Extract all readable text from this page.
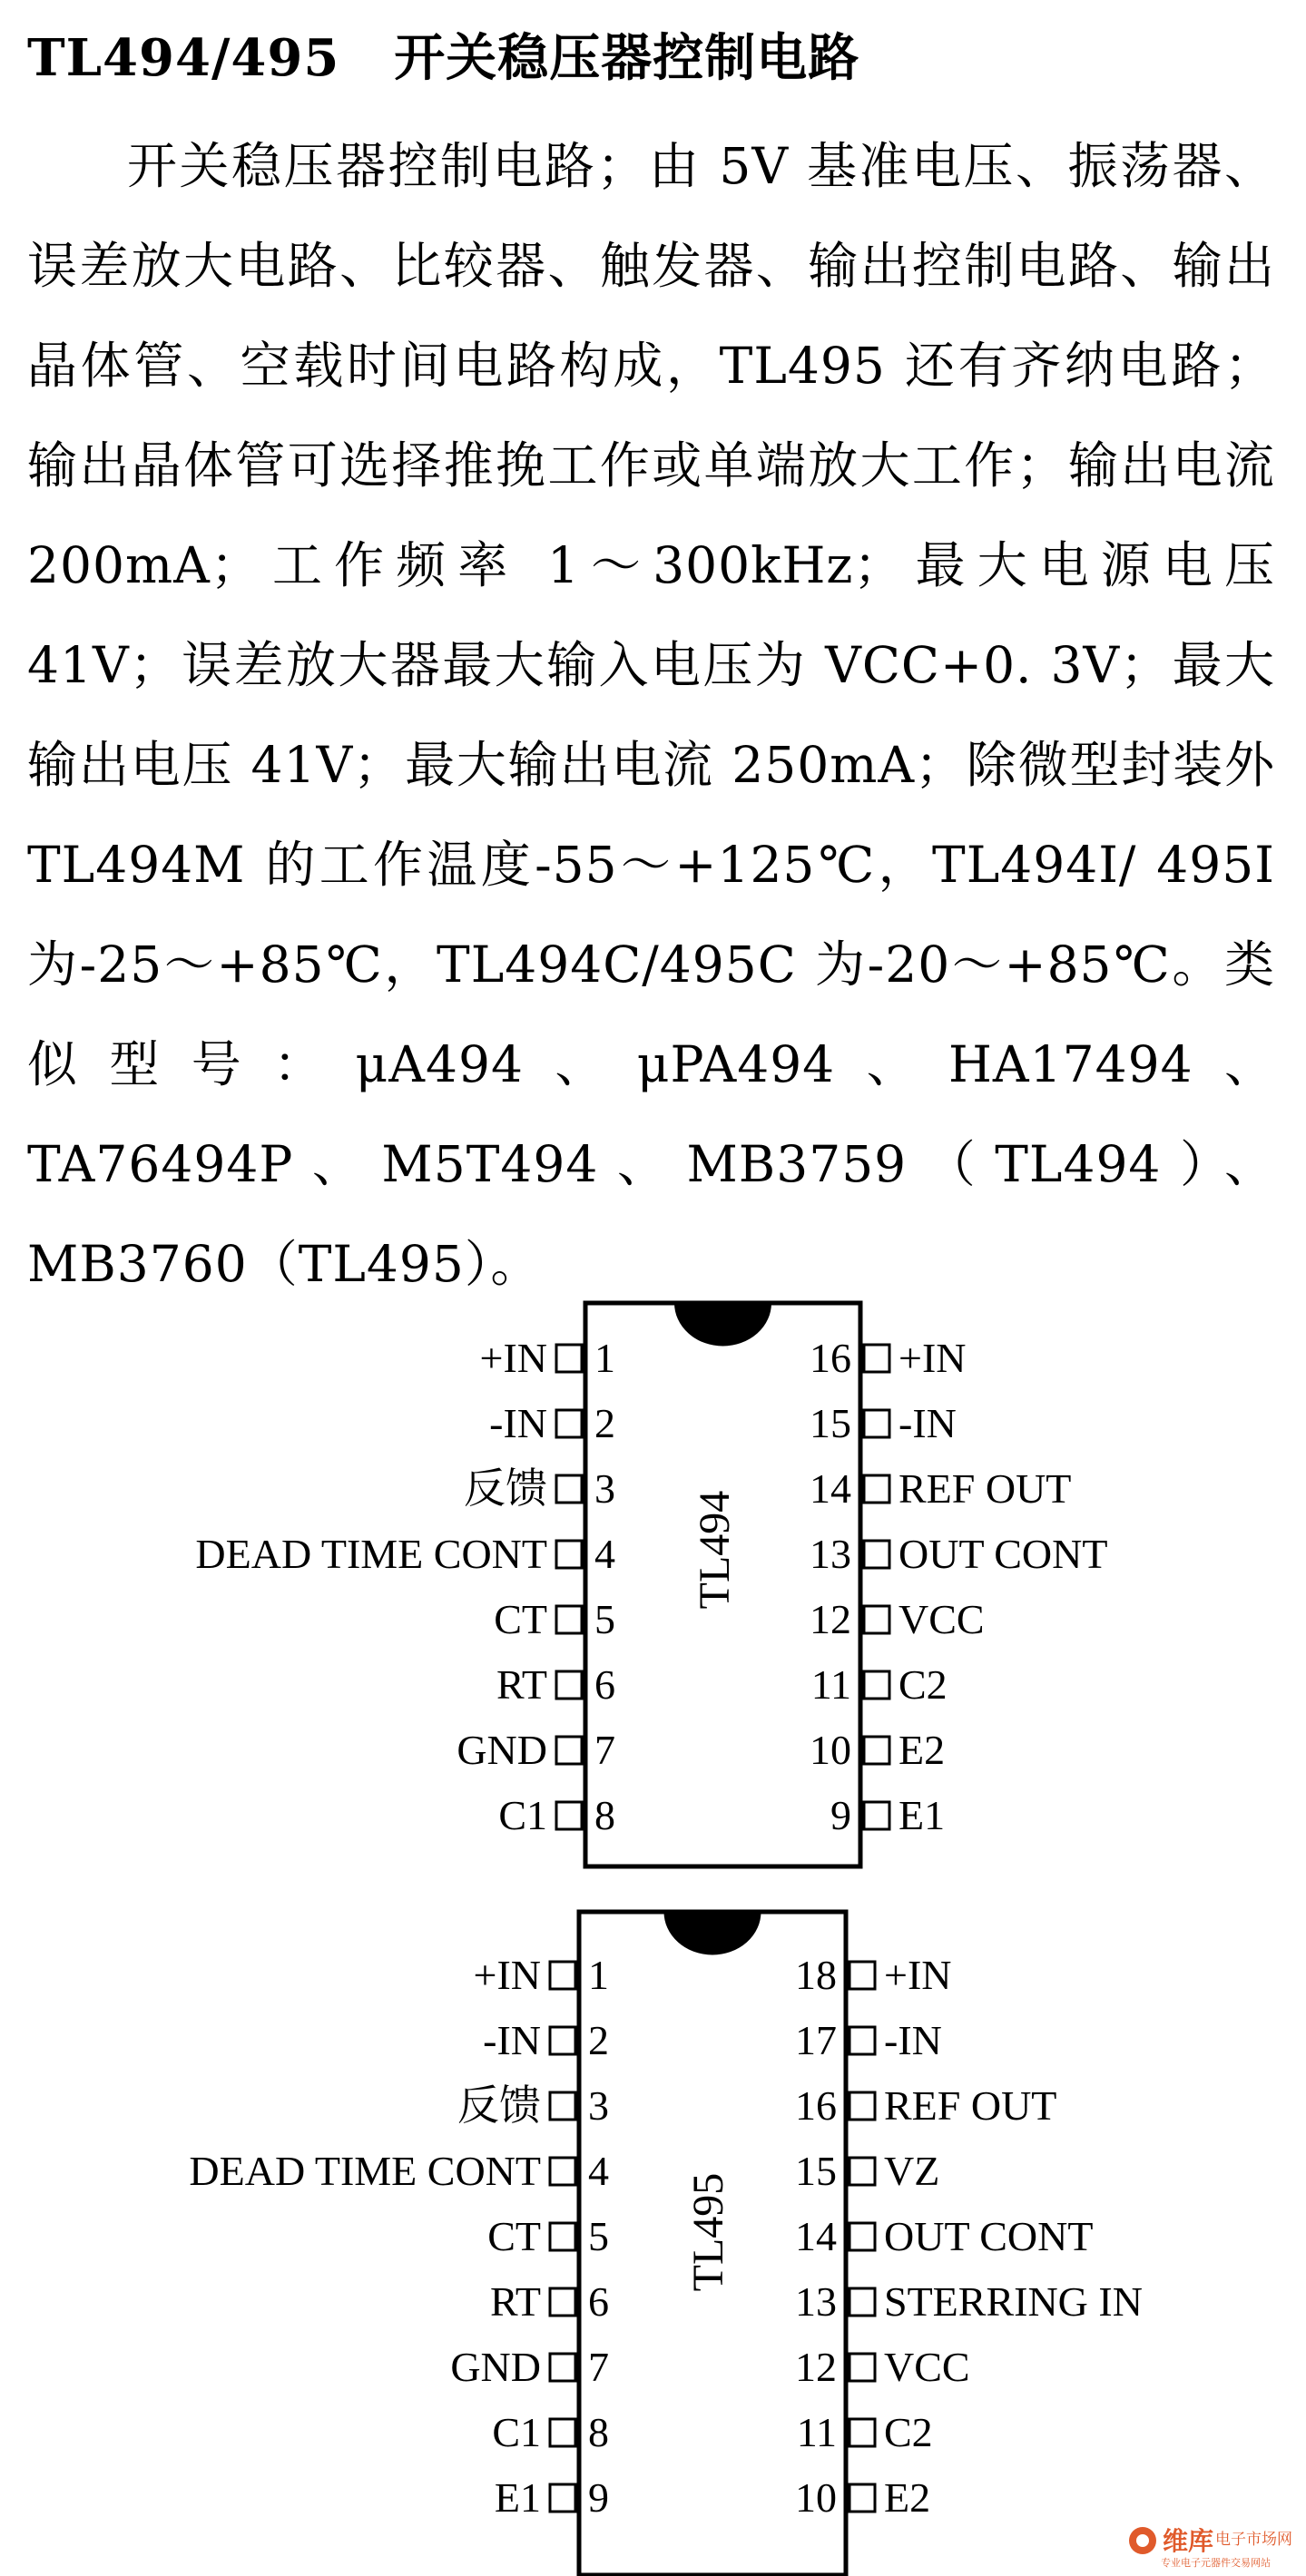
TL494/495 开关稳压器控制电路

开关稳压器控制电路；由 5V 基准电压、振荡器、误差放大电路、比较器、触发器、输出控制电路、输出晶体管、空载时间电路构成，TL495 还有齐纳电路；输出晶体管可选择推挽工作或单端放大工作；输出电流 200mA；工作频率 1～300kHz；最大电源电压 41V；误差放大器最大输入电压为 VCC+0. 3V；最大输出电压 41V；最大输出电流 250mA；除微型封装外 TL494M 的工作温度-55～+125℃，TL494I/ 495I 为-25～+85℃，TL494C/495C 为-20～+85℃。类似型号：μA494、μPA494、HA17494、TA76494P、M5T494、MB3759（TL494）、MB3760（TL495）。

TL494
+IN 1
-IN 2
反馈 3
DEAD TIME CONT 4
CT 5
RT 6
GND 7
C1 8
+IN
16
-IN
15
REF OUT
14
OUT CONT
13
VCC
12
C2
11
E2
10
E1
9
TL495
+IN 1
-IN 2
反馈 3
DEAD TIME CONT 4
CT 5
RT 6
GND 7
C1 8
E1 9
+IN
18
-IN
17
REF OUT
16
VZ
15
OUT CONT
14
STERRING IN
13
VCC
12
C2
11
E2
10
维库 电子市场网
专业电子元器件交易网站
